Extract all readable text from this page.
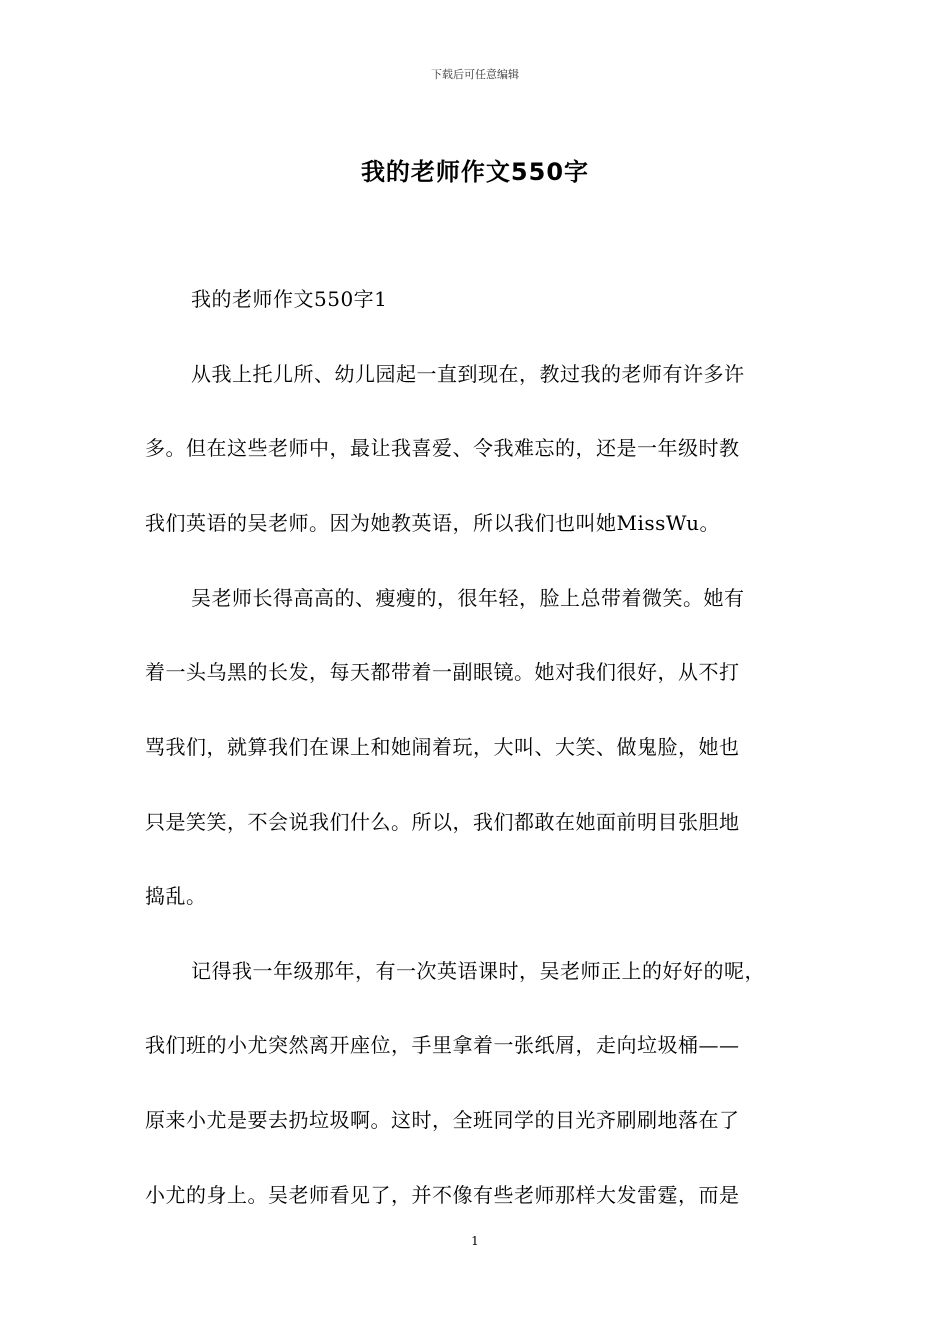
下载后可任意编辑
我的老师作文550字
我的老师作文550字1
从我上托儿所、幼儿园起一直到现在，教过我的老师有许多许
多。但在这些老师中，最让我喜爱、令我难忘的，还是一年级时教
我们英语的吴老师。因为她教英语，所以我们也叫她MissWu。
吴老师长得高高的、瘦瘦的，很年轻，脸上总带着微笑。她有
着一头乌黑的长发，每天都带着一副眼镜。她对我们很好，从不打
骂我们，就算我们在课上和她闹着玩，大叫、大笑、做鬼脸，她也
只是笑笑，不会说我们什么。所以，我们都敢在她面前明目张胆地
捣乱。
记得我一年级那年，有一次英语课时，吴老师正上的好好的呢，
我们班的小尤突然离开座位，手里拿着一张纸屑，走向垃圾桶——
原来小尤是要去扔垃圾啊。这时，全班同学的目光齐刷刷地落在了
小尤的身上。吴老师看见了，并不像有些老师那样大发雷霆，而是
1
